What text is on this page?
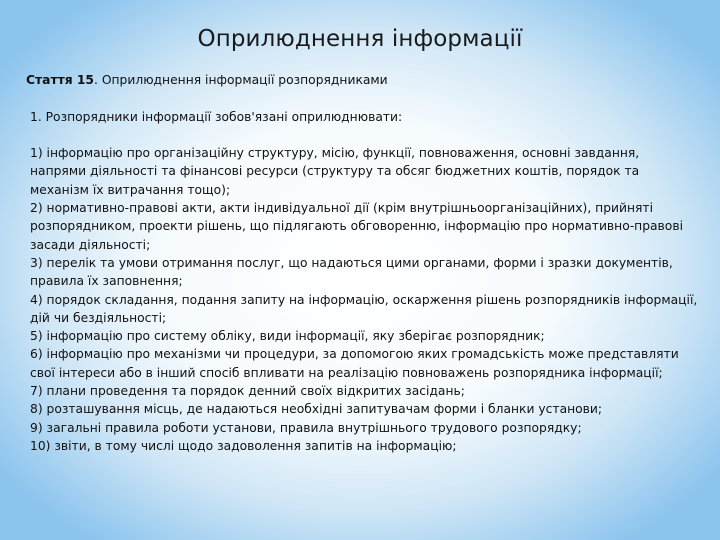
Оприлюднення інформації

Стаття 15. Оприлюднення інформації розпорядниками

1. Розпорядники інформації зобов'язані оприлюднювати:

1) інформацію про організаційну структуру, місію, функції, повноваження, основні завдання, напрями діяльності та фінансові ресурси (структуру та обсяг бюджетних коштів, порядок та механізм їх витрачання тощо);

2) нормативно-правові акти, акти індивідуальної дії (крім внутрішньоорганізаційних), прийняті розпорядником, проекти рішень, що підлягають обговоренню, інформацію про нормативно-правові засади діяльності;

3) перелік та умови отримання послуг, що надаються цими органами, форми і зразки документів, правила їх заповнення;

4) порядок складання, подання запиту на інформацію, оскарження рішень розпорядників інформації, дій чи бездіяльності;

5) інформацію про систему обліку, види інформації, яку зберігає розпорядник;

6) інформацію про механізми чи процедури, за допомогою яких громадськість може представляти свої інтереси або в інший спосіб впливати на реалізацію повноважень розпорядника інформації;

7) плани проведення та порядок денний своїх відкритих засідань;

8) розташування місць, де надаються необхідні запитувачам форми і бланки установи;

9) загальні правила роботи установи, правила внутрішнього трудового розпорядку;

10) звіти, в тому числі щодо задоволення запитів на інформацію;
